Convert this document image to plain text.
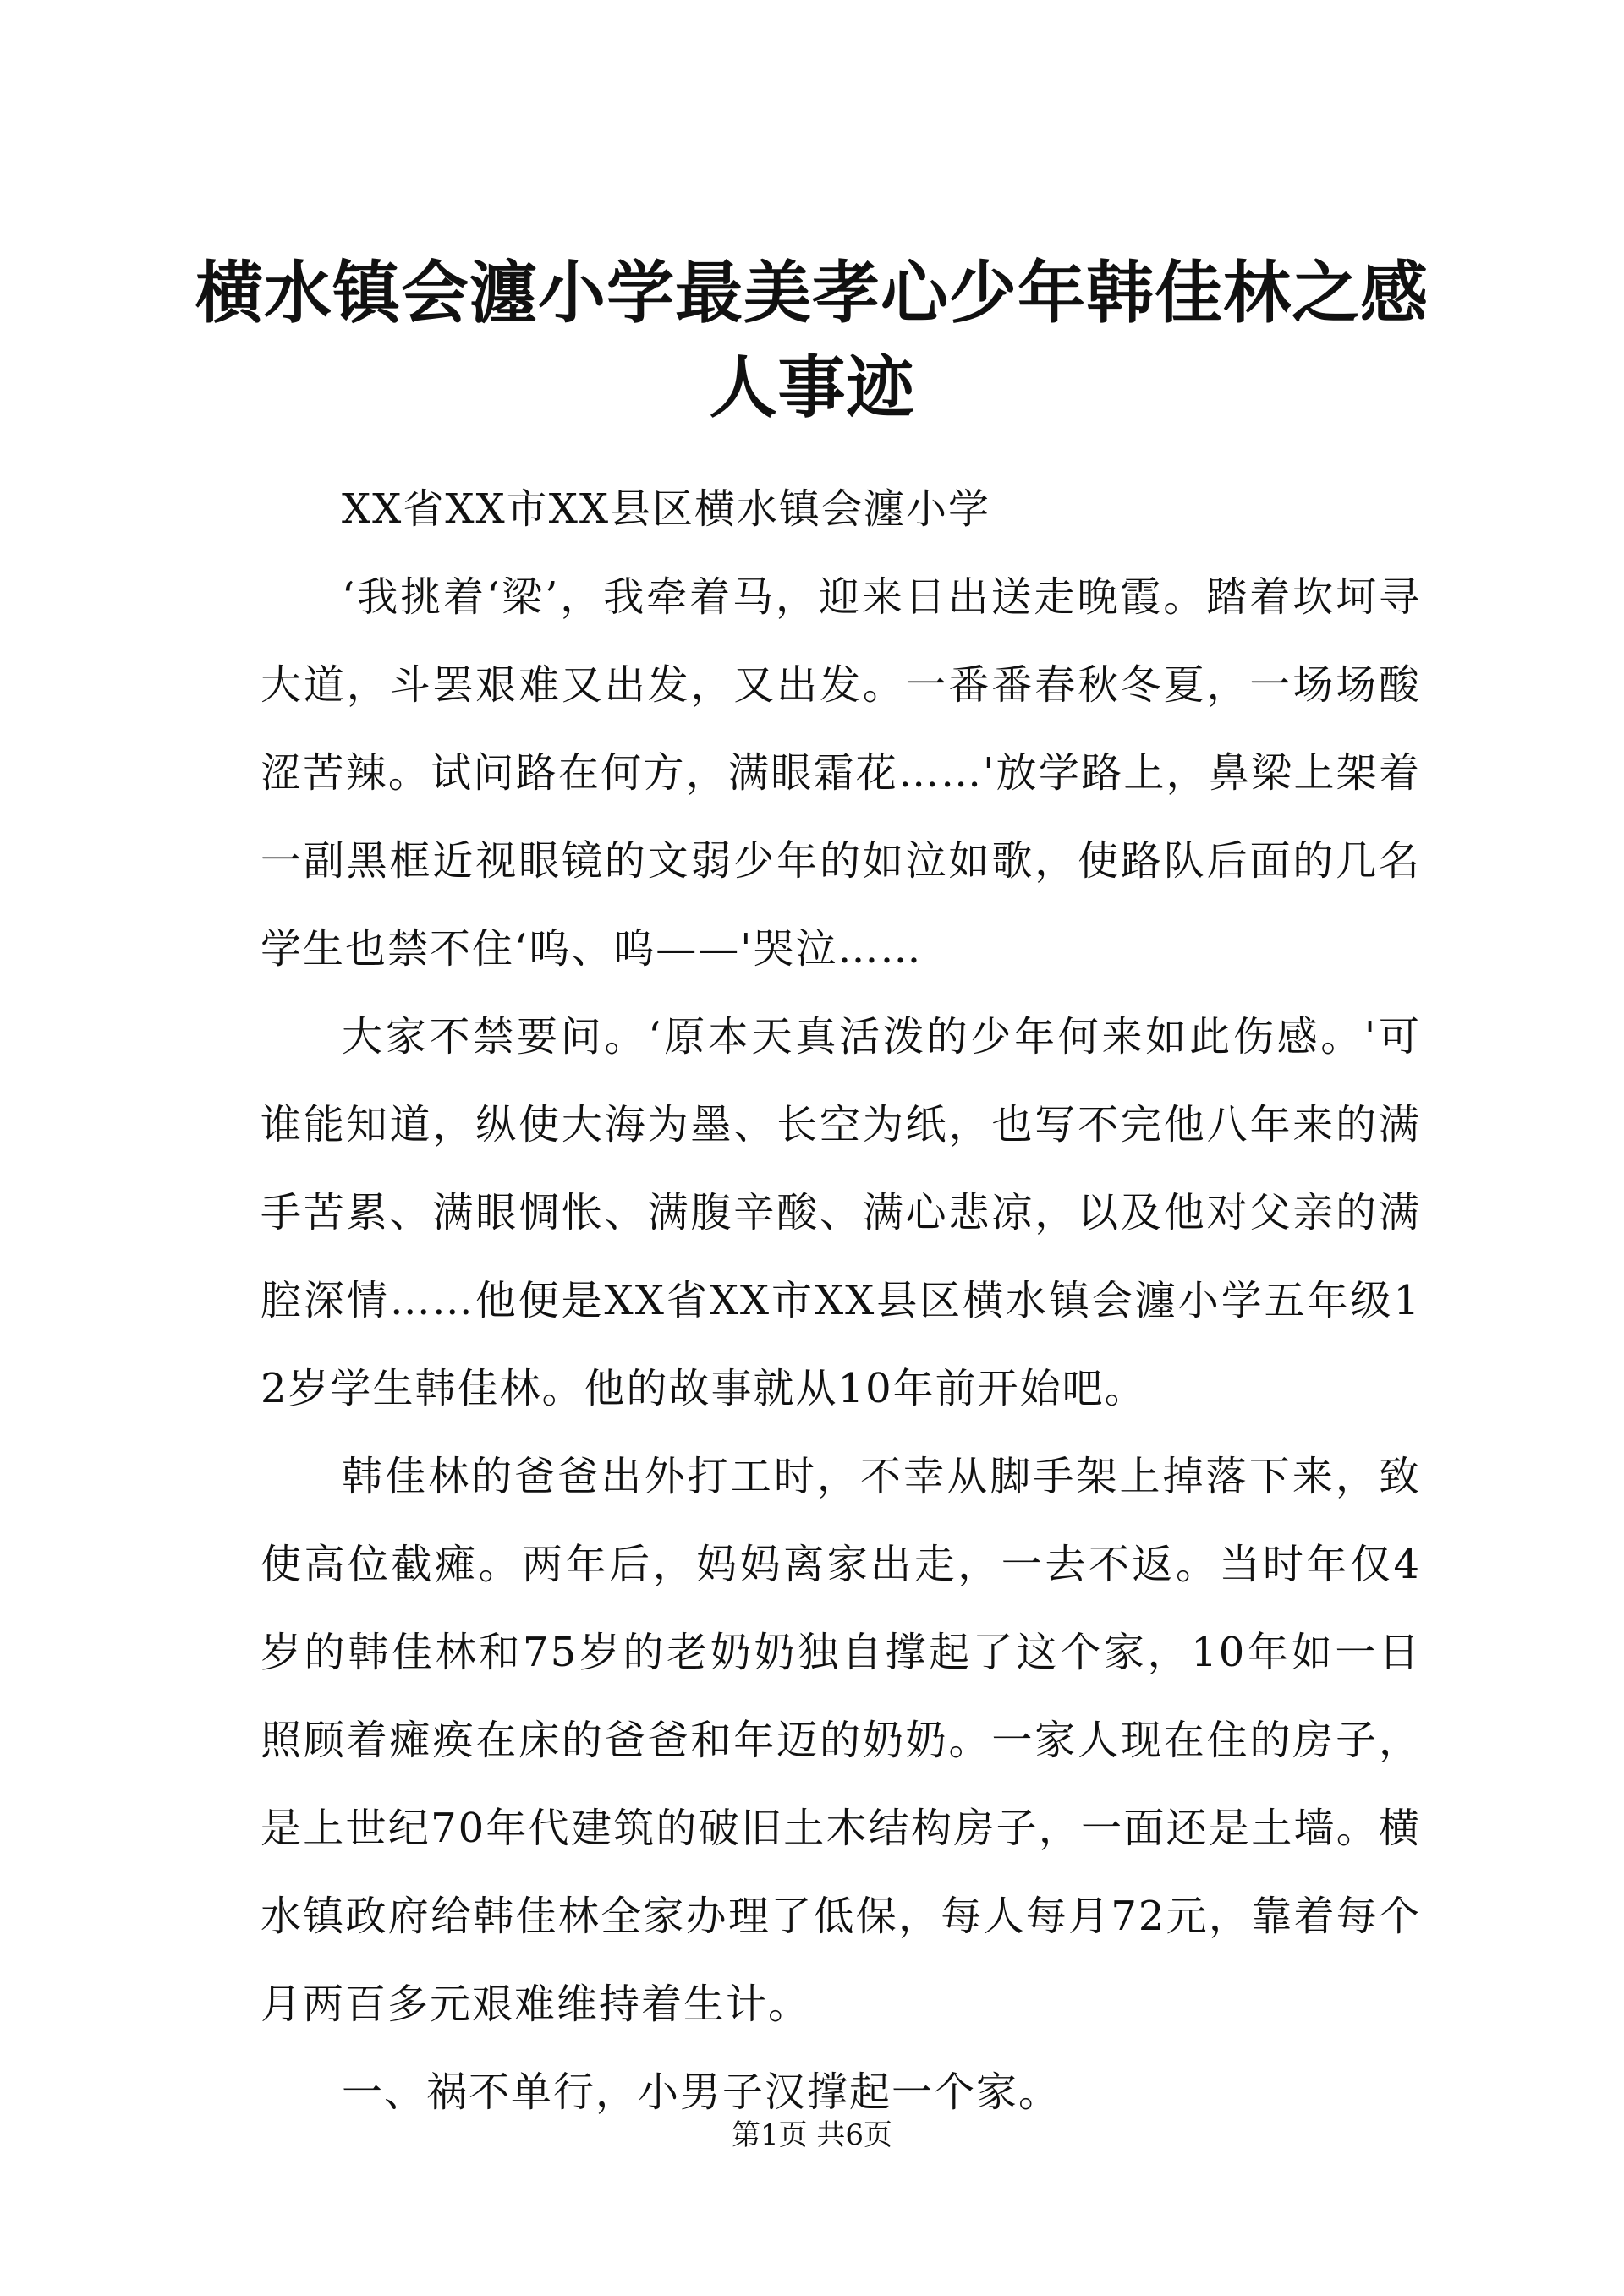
横水镇会瀍小学最美孝心少年韩佳林之感人事迹

XX省XX市XX县区横水镇会瀍小学

‘我挑着‘梁’，我牵着马，迎来日出送走晚霞。踏着坎坷寻大道，斗罢艰难又出发，又出发。一番番春秋冬夏，一场场酸涩苦辣。试问路在何方，满眼霜花……'放学路上，鼻梁上架着一副黑框近视眼镜的文弱少年的如泣如歌，使路队后面的几名学生也禁不住‘呜、呜——'哭泣……

大家不禁要问。‘原本天真活泼的少年何来如此伤感。'可谁能知道，纵使大海为墨、长空为纸，也写不完他八年来的满手苦累、满眼惆怅、满腹辛酸、满心悲凉，以及他对父亲的满腔深情……他便是XX省XX市XX县区横水镇会瀍小学五年级12岁学生韩佳林。他的故事就从10年前开始吧。

韩佳林的爸爸出外打工时，不幸从脚手架上掉落下来，致使高位截瘫。两年后，妈妈离家出走，一去不返。当时年仅4岁的韩佳林和75岁的老奶奶独自撑起了这个家，10年如一日照顾着瘫痪在床的爸爸和年迈的奶奶。一家人现在住的房子，是上世纪70年代建筑的破旧土木结构房子，一面还是土墙。横水镇政府给韩佳林全家办理了低保，每人每月72元，靠着每个月两百多元艰难维持着生计。

一、祸不单行，小男子汉撑起一个家。

第1页 共6页
